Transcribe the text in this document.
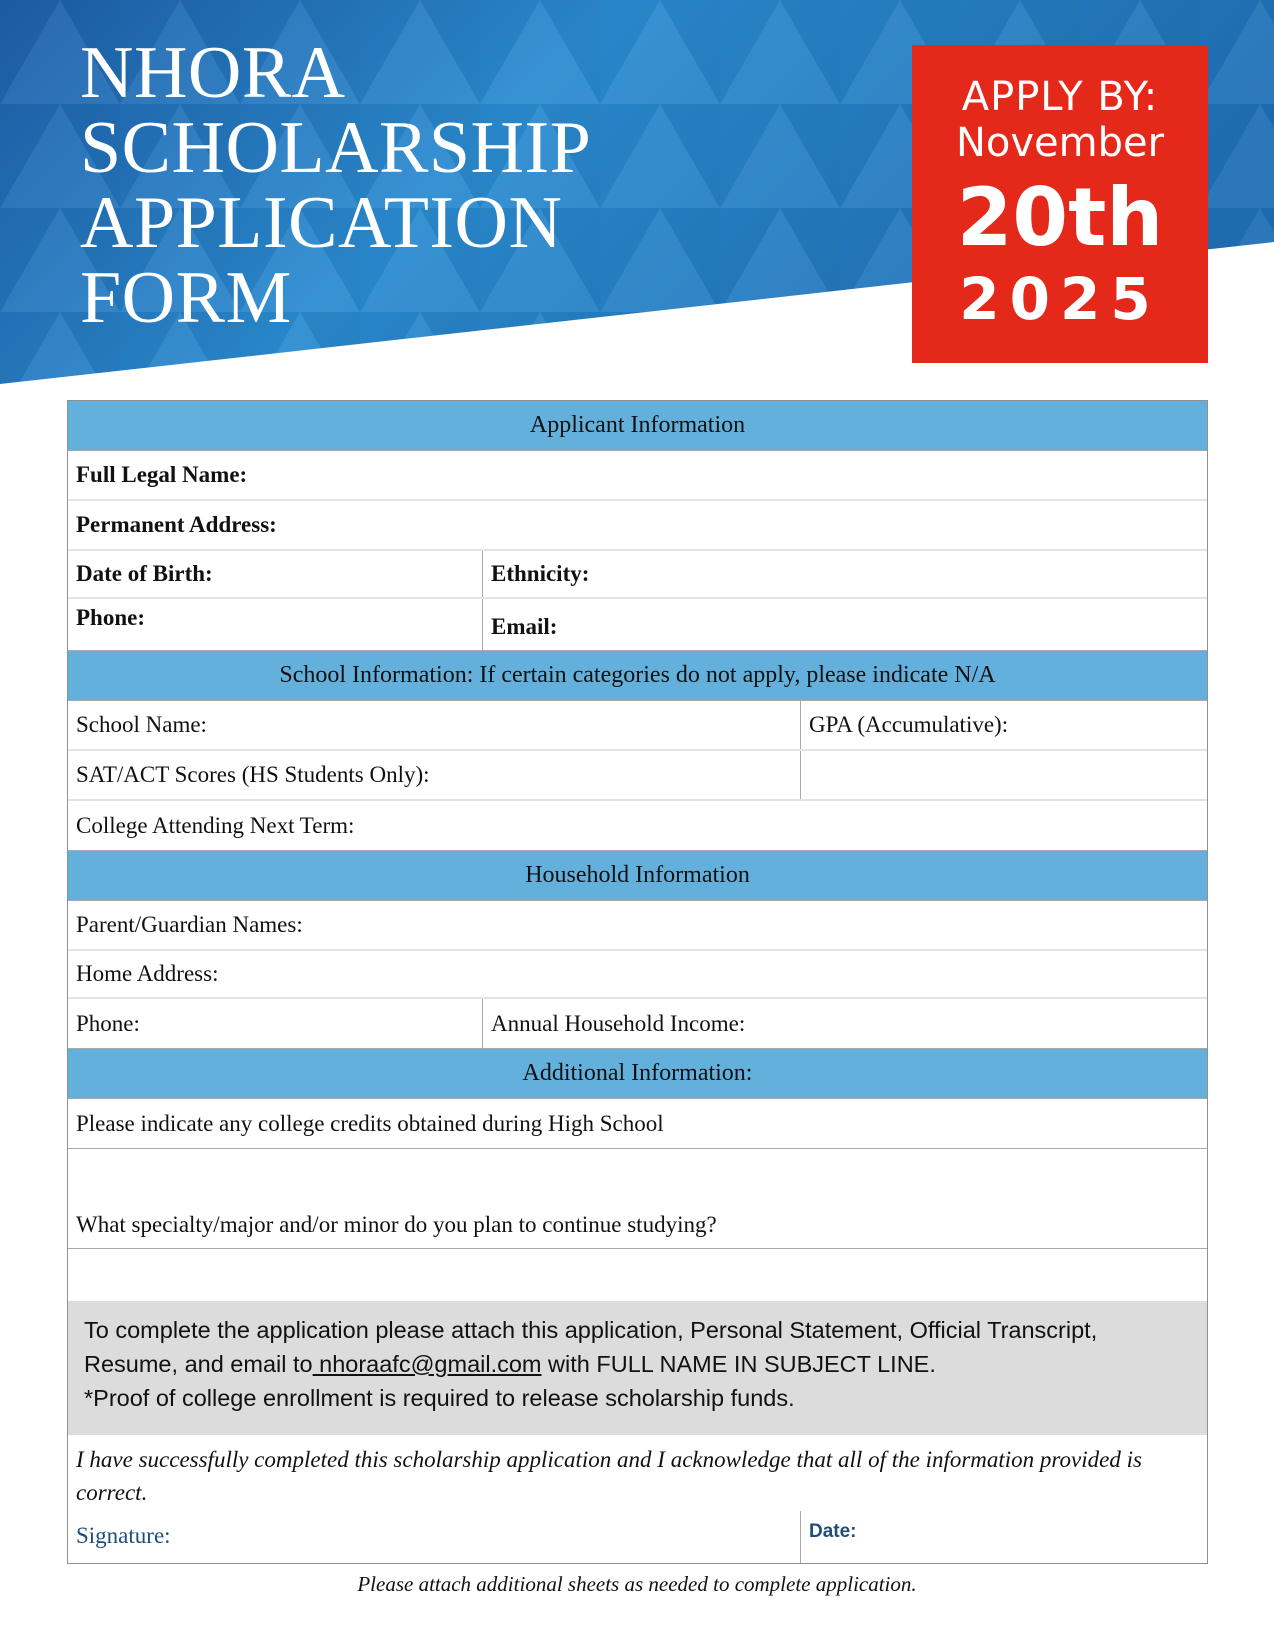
NHORA
SCHOLARSHIP
APPLICATION
FORM
APPLY BY:
November
20th
2025
Applicant Information
Full Legal Name:
Permanent Address:
Date of Birth:	Ethnicity:
Phone:	Email:
School Information: If certain categories do not apply, please indicate N/A
School Name:	GPA (Accumulative):
SAT/ACT Scores (HS Students Only):
College Attending Next Term:
Household Information
Parent/Guardian Names:
Home Address:
Phone:	Annual Household Income:
Additional Information:
Please indicate any college credits obtained during High School
What specialty/major and/or minor do you plan to continue studying?
To complete the application please attach this application, Personal Statement, Official Transcript,
Resume, and email to nhoraafc@gmail.com with FULL NAME IN SUBJECT LINE.
*Proof of college enrollment is required to release scholarship funds.
I have successfully completed this scholarship application and I acknowledge that all of the information provided is correct.
Signature:	Date:
Please attach additional sheets as needed to complete application.
